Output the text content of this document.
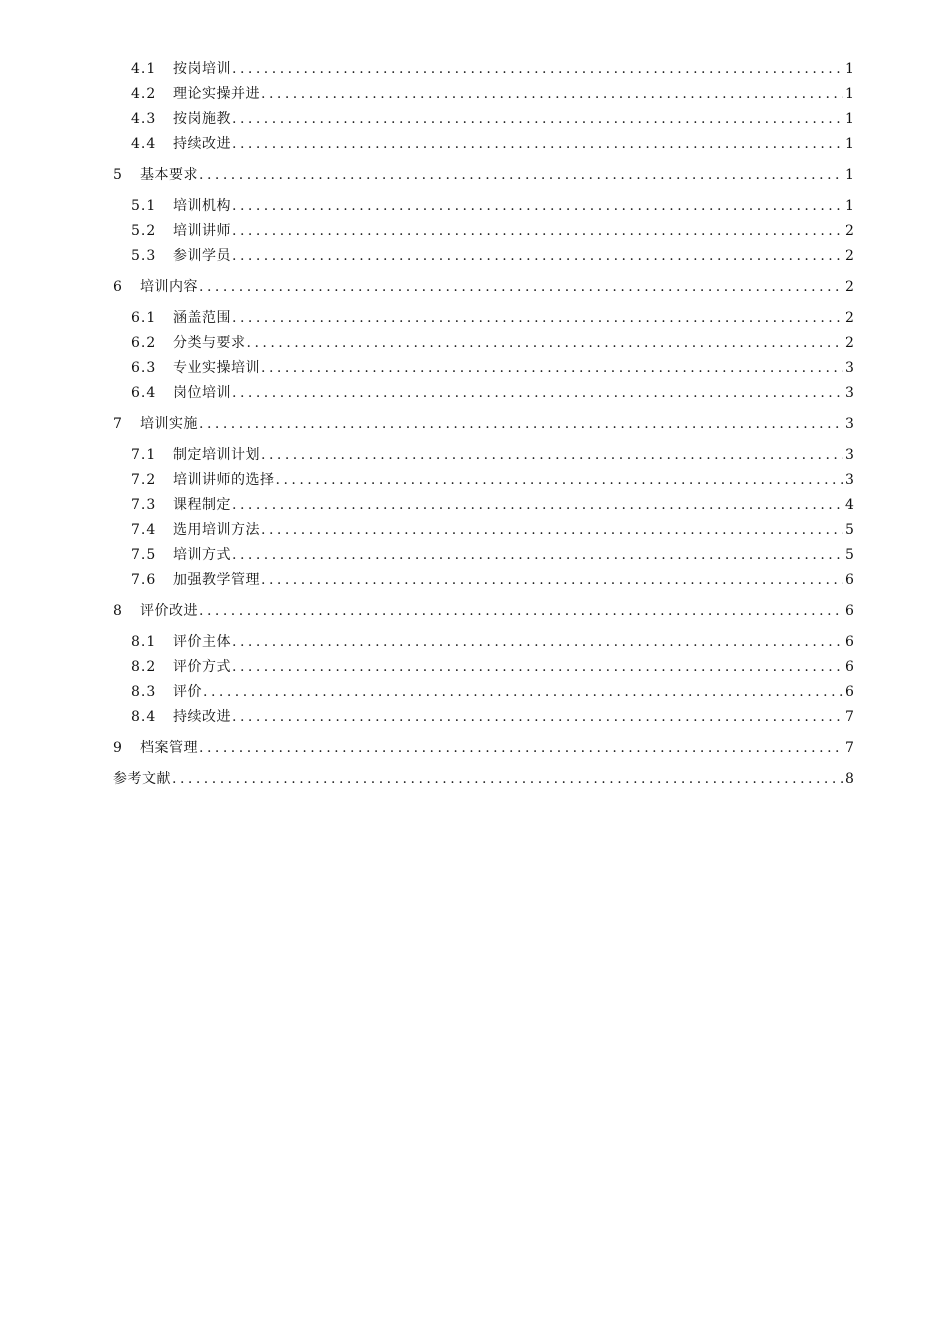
4.1	按岗培训 .....	1
4.2	理论实操并进 .....	1
4.3	按岗施教 .....	1
4.4	持续改进 .....	1
5	基本要求 .....	1
5.1	培训机构 .....	1
5.2	培训讲师 .....	2
5.3	参训学员 .....	2
6	培训内容 .....	2
6.1	涵盖范围 .....	2
6.2	分类与要求 .....	2
6.3	专业实操培训 .....	3
6.4	岗位培训 .....	3
7	培训实施 .....	3
7.1	制定培训计划 .....	3
7.2	培训讲师的选择 .....	3
7.3	课程制定 .....	4
7.4	选用培训方法 .....	5
7.5	培训方式 .....	5
7.6	加强教学管理 .....	6
8	评价改进 .....	6
8.1	评价主体 .....	6
8.2	评价方式 .....	6
8.3	评价 .....	6
8.4	持续改进 .....	7
9	档案管理 .....	7
参考文献 .....	8
